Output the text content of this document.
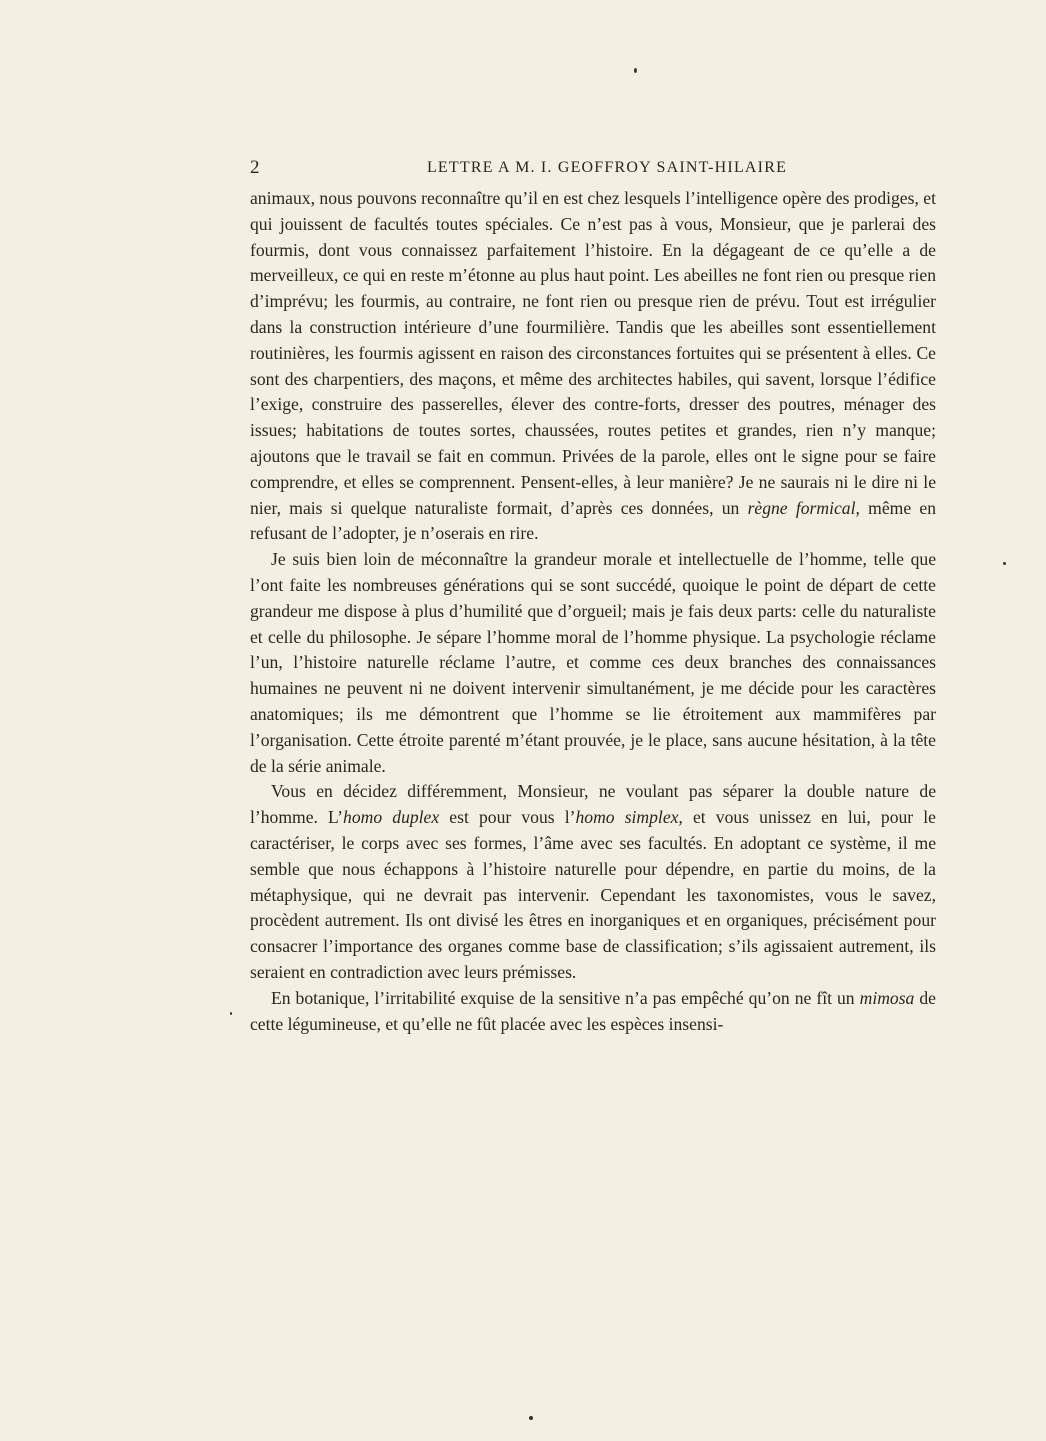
2	LETTRE A M. I. GEOFFROY SAINT-HILAIRE

animaux, nous pouvons reconnaître qu’il en est chez lesquels l’intelligence opère des prodiges, et qui jouissent de facultés toutes spéciales. Ce n’est pas à vous, Monsieur, que je parlerai des fourmis, dont vous connaissez parfaitement l’histoire. En la dégageant de ce qu’elle a de merveilleux, ce qui en reste m’étonne au plus haut point. Les abeilles ne font rien ou presque rien d’imprévu; les fourmis, au contraire, ne font rien ou presque rien de prévu. Tout est irrégulier dans la construction intérieure d’une fourmilière. Tandis que les abeilles sont essentiellement routinières, les fourmis agissent en raison des circonstances fortuites qui se présentent à elles. Ce sont des charpentiers, des maçons, et même des architectes habiles, qui savent, lorsque l’édifice l’exige, construire des passerelles, élever des contre-forts, dresser des poutres, ménager des issues; habitations de toutes sortes, chaussées, routes petites et grandes, rien n’y manque; ajoutons que le travail se fait en commun. Privées de la parole, elles ont le signe pour se faire comprendre, et elles se comprennent. Pensent-elles, à leur manière? Je ne saurais ni le dire ni le nier, mais si quelque naturaliste formait, d’après ces données, un règne formical, même en refusant de l’adopter, je n’oserais en rire.

Je suis bien loin de méconnaître la grandeur morale et intellectuelle de l’homme, telle que l’ont faite les nombreuses générations qui se sont succédé, quoique le point de départ de cette grandeur me dispose à plus d’humilité que d’orgueil; mais je fais deux parts: celle du naturaliste et celle du philosophe. Je sépare l’homme moral de l’homme physique. La psychologie réclame l’un, l’histoire naturelle réclame l’autre, et comme ces deux branches des connaissances humaines ne peuvent ni ne doivent intervenir simultanément, je me décide pour les caractères anatomiques; ils me démontrent que l’homme se lie étroitement aux mammifères par l’organisation. Cette étroite parenté m’étant prouvée, je le place, sans aucune hésitation, à la tête de la série animale.

Vous en décidez différemment, Monsieur, ne voulant pas séparer la double nature de l’homme. L’homo duplex est pour vous l’homo simplex, et vous unissez en lui, pour le caractériser, le corps avec ses formes, l’âme avec ses facultés. En adoptant ce système, il me semble que nous échappons à l’histoire naturelle pour dépendre, en partie du moins, de la métaphysique, qui ne devrait pas intervenir. Cependant les taxonomistes, vous le savez, procèdent autrement. Ils ont divisé les êtres en inorganiques et en organiques, précisément pour consacrer l’importance des organes comme base de classification; s’ils agissaient autrement, ils seraient en contradiction avec leurs prémisses.

En botanique, l’irritabilité exquise de la sensitive n’a pas empêché qu’on ne fît un mimosa de cette légumineuse, et qu’elle ne fût placée avec les espèces insensi-
